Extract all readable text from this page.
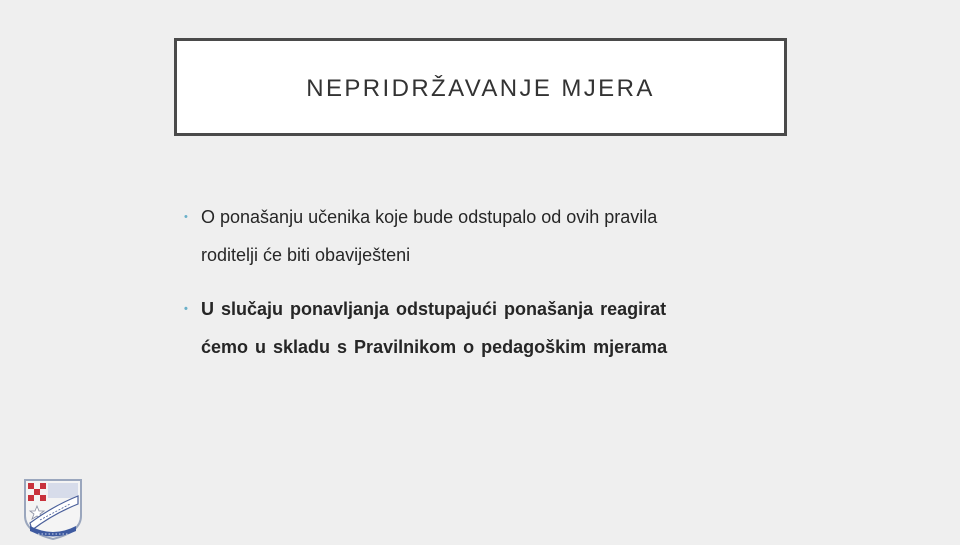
NEPRIDRŽAVANJE MJERA
• O ponašanju učenika koje bude odstupalo od ovih pravila
roditelji će biti obaviješteni
• U slučaju ponavljanja odstupajući ponašanja reagirat
ćemo u skladu s Pravilnikom o pedagoškim mjerama
